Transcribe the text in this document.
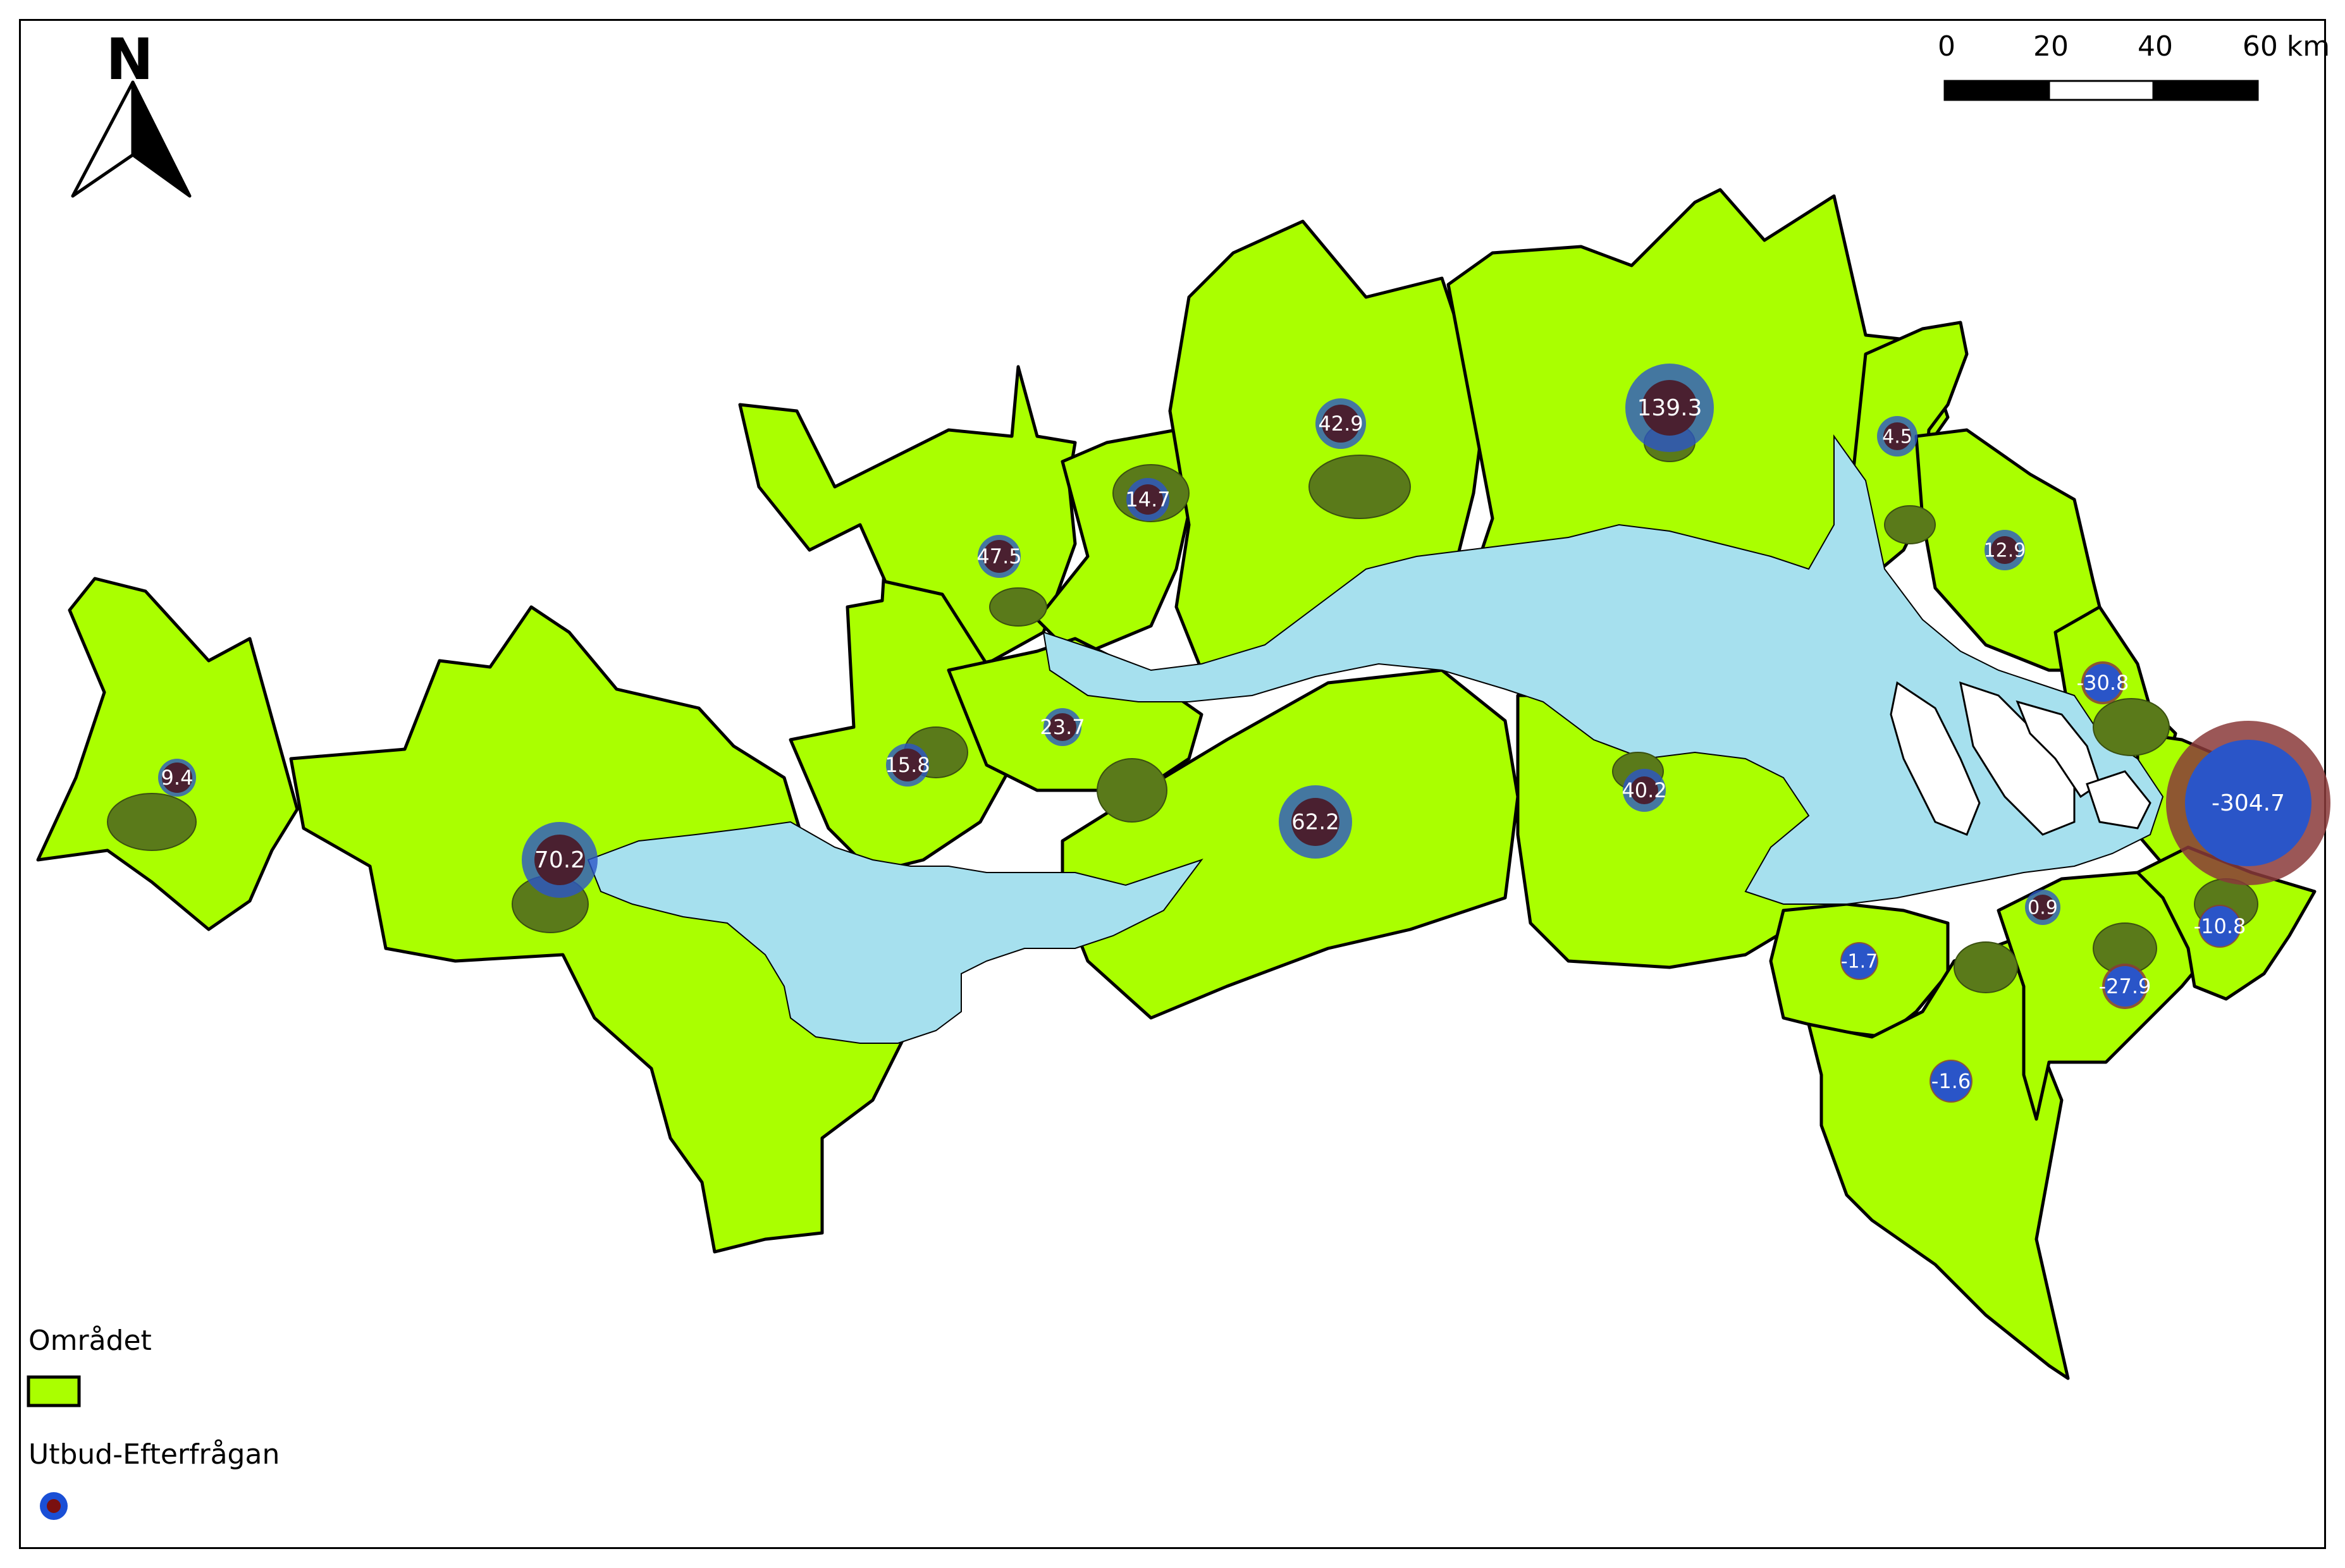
9.4
70.2
15.8
47.5
14.7
23.7
42.9
62.2
139.3
40.2
4.5
12.9
-30.8
-304.7
0.9
-10.8
-1.7
-27.9
-1.6
N	0	20 40 60 km
Området
Utbud-Efterfrågan
